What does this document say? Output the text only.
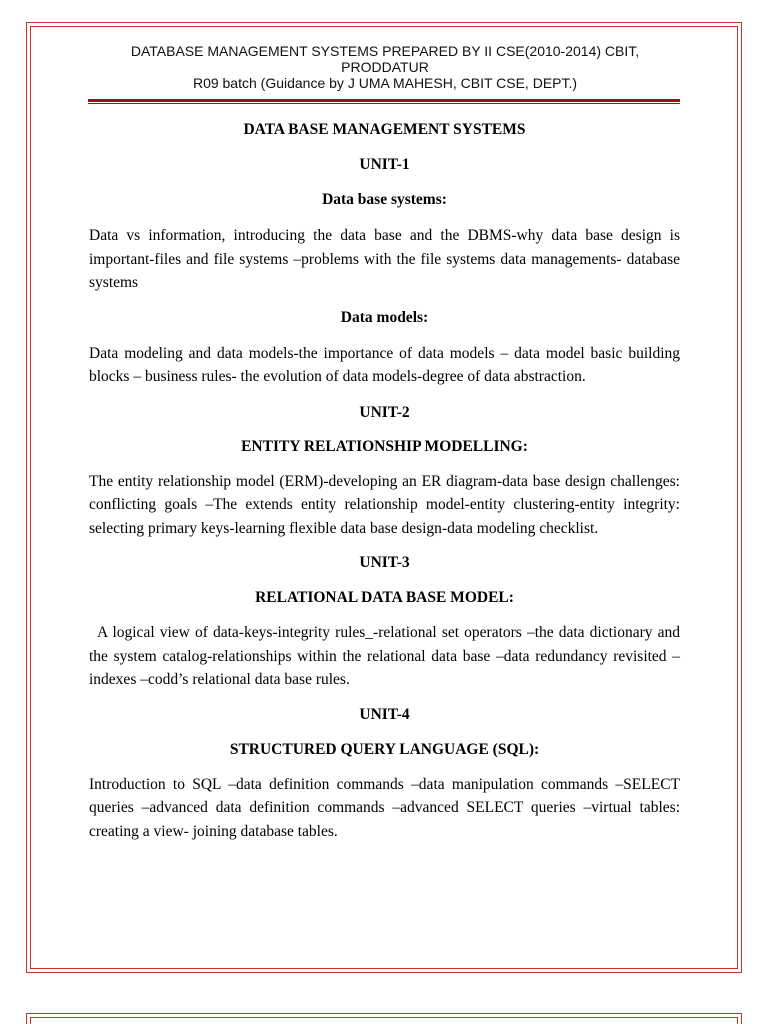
DATABASE MANAGEMENT SYSTEMS PREPARED BY II CSE(2010-2014) CBIT,
PRODDATUR
R09 batch (Guidance by J UMA MAHESH, CBIT CSE, DEPT.)

DATA BASE MANAGEMENT SYSTEMS

UNIT-1

Data base systems:

Data vs information, introducing the data base and the DBMS-why data base design is important-files and file systems –problems with the file systems data managements- database systems

Data models:

Data modeling and data models-the importance of data models – data model basic building blocks – business rules- the evolution of data models-degree of data abstraction.

UNIT-2

ENTITY RELATIONSHIP MODELLING:

The entity relationship model (ERM)-developing an ER diagram-data base design challenges: conflicting goals –The extends entity relationship model-entity clustering-entity integrity: selecting primary keys-learning flexible data base design-data modeling checklist.

UNIT-3

RELATIONAL DATA BASE MODEL:

A logical view of data-keys-integrity rules_-relational set operators –the data dictionary and the system catalog-relationships within the relational data base –data redundancy revisited –indexes –codd’s relational data base rules.

UNIT-4

STRUCTURED QUERY LANGUAGE (SQL):

Introduction to SQL –data definition commands –data manipulation commands –SELECT queries –advanced data definition commands –advanced SELECT queries –virtual tables: creating a view- joining database tables.
